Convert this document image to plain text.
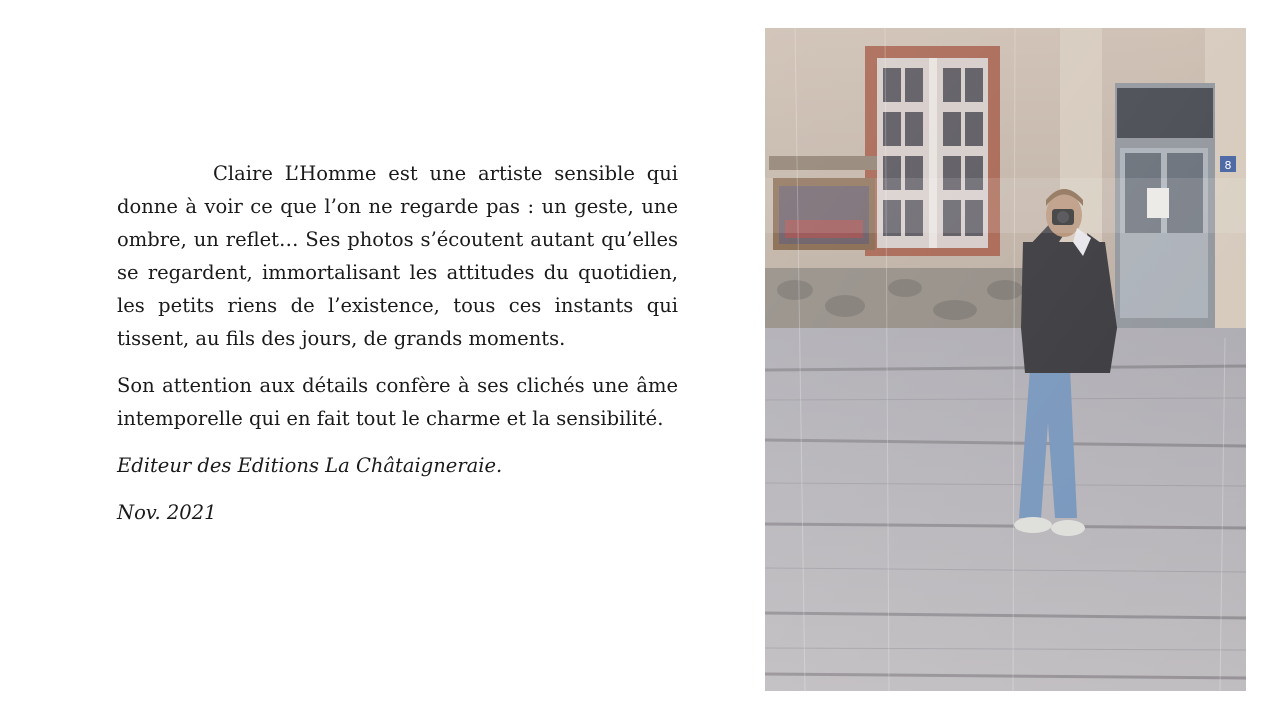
Claire L’Homme est une artiste sensible qui donne à voir ce que l’on ne regarde pas : un geste, une ombre, un reflet… Ses photos s’écoutent autant qu’elles se regardent, immortalisant les attitudes du quotidien, les petits riens de l’existence, tous ces instants qui tissent, au fils des jours, de grands moments.

Son attention aux détails confère à ses clichés une âme intemporelle qui en fait tout le charme et la sensibilité.

Editeur des Editions La Châtaigneraie.

Nov. 2021
